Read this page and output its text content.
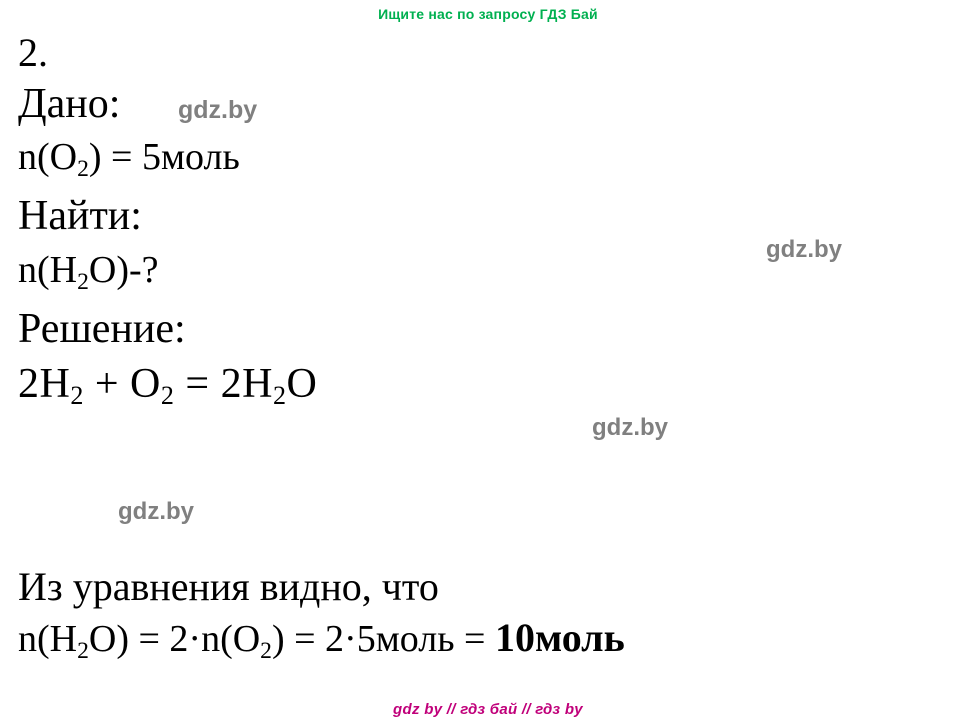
Ищите нас по запросу ГДЗ Бай
2.
Дано:
$n(O_2)$ = 5моль
Найти:
$n(H_2O)-$?
Решение:
$2H_2 + O_2 = 2H_2O$
Из уравнения видно, что
$n(H_2O) = 2\cdot n(O_2)$ = 2·5моль = 10моль
gdz.by
gdz.by
gdz.by
gdz.by
gdz by // гдз бай // гдз by
